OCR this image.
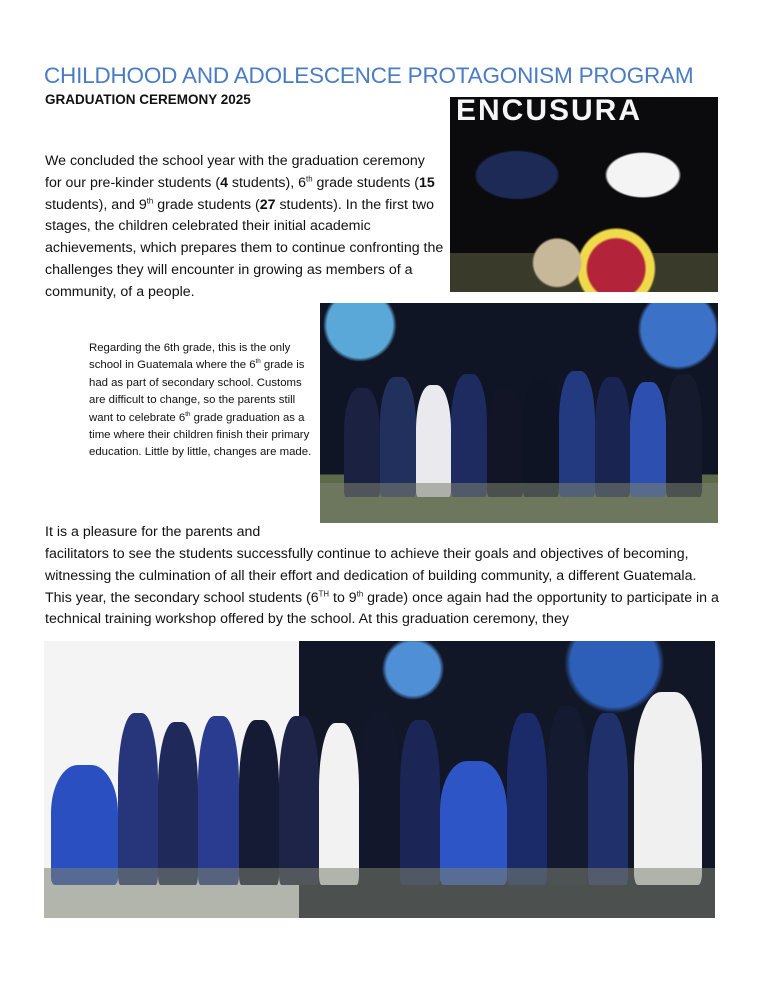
CHILDHOOD AND ADOLESCENCE PROTAGONISM PROGRAM
GRADUATION CEREMONY 2025
We concluded the school year with the graduation ceremony for our pre-kinder students (4 students), 6th grade students (15 students), and 9th grade students (27 students). In the first two stages, the children celebrated their initial academic achievements, which prepares them to continue confronting the challenges they will encounter in growing as members of a community, of a people.
ENCUSURA
Regarding the 6th grade, this is the only school in Guatemala where the 6th grade is had as part of secondary school. Customs are difficult to change, so the parents still want to celebrate 6th grade graduation as a time where their children finish their primary education. Little by little, changes are made.
It is a pleasure for the parents and
facilitators to see the students successfully continue to achieve their goals and objectives of becoming, witnessing the culmination of all their effort and dedication of building community, a different Guatemala. This year, the secondary school students (6TH to 9th grade) once again had the opportunity to participate in a technical training workshop offered by the school. At this graduation ceremony, they
